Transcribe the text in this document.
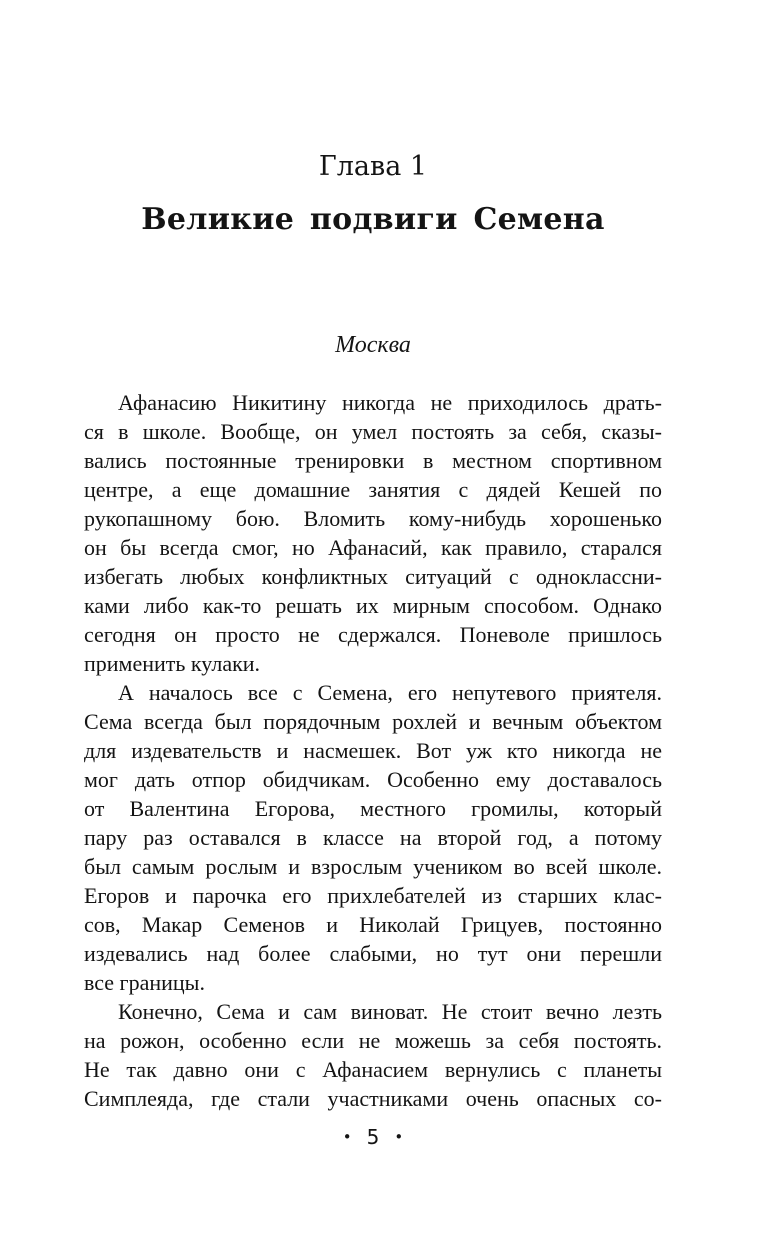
Глава 1
Великие подвиги Семена
Москва
Афанасию Никитину никогда не приходилось драть-
ся в школе. Вообще, он умел постоять за себя, сказы-
вались постоянные тренировки в местном спортивном
центре, а еще домашние занятия с дядей Кешей по
рукопашному бою. Вломить кому-нибудь хорошенько
он бы всегда смог, но Афанасий, как правило, старался
избегать любых конфликтных ситуаций с одноклассни-
ками либо как-то решать их мирным способом. Однако
сегодня он просто не сдержался. Поневоле пришлось
применить кулаки.
А началось все с Семена, его непутевого приятеля.
Сема всегда был порядочным рохлей и вечным объектом
для издевательств и насмешек. Вот уж кто никогда не
мог дать отпор обидчикам. Особенно ему доставалось
от Валентина Егорова, местного громилы, который
пару раз оставался в классе на второй год, а потому
был самым рослым и взрослым учеником во всей школе.
Егоров и парочка его прихлебателей из старших клас-
сов, Макар Семенов и Николай Грицуев, постоянно
издевались над более слабыми, но тут они перешли
все границы.
Конечно, Сема и сам виноват. Не стоит вечно лезть
на рожон, особенно если не можешь за себя постоять.
Не так давно они с Афанасием вернулись с планеты
Симплеяда, где стали участниками очень опасных со-
• 5 •
